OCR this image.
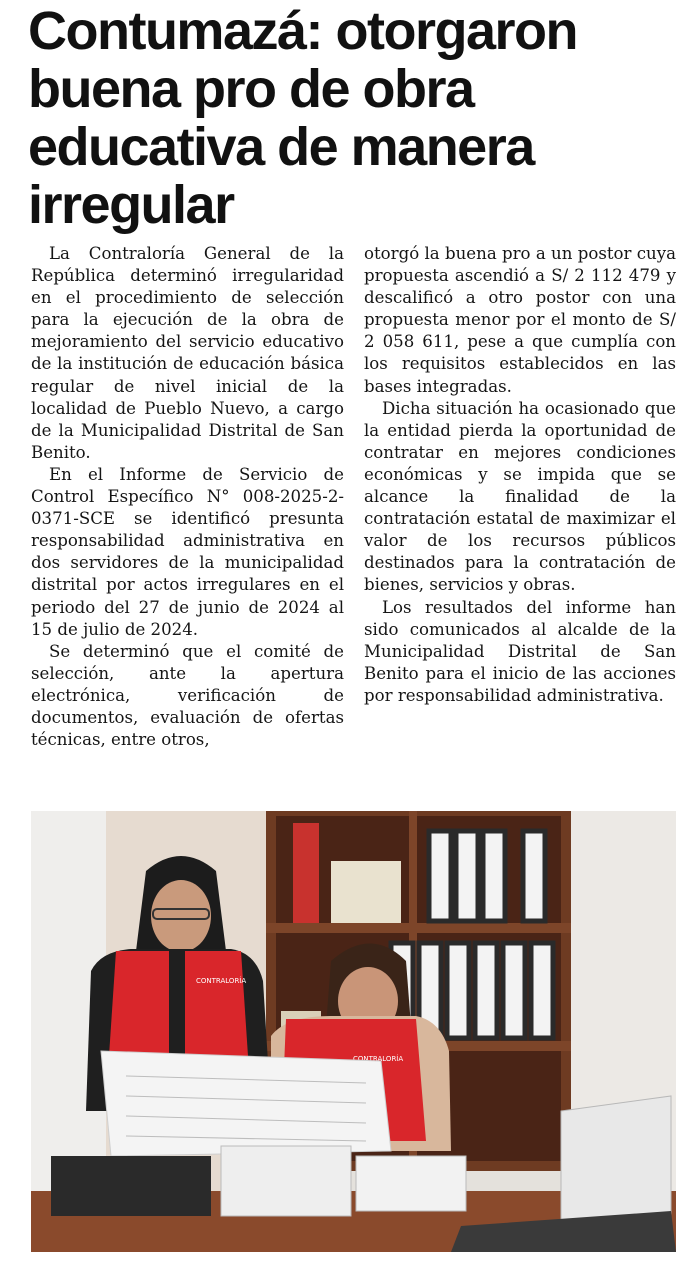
Contumazá: otorgaron buena pro de obra educativa de manera irregular

La Contraloría General de la República determinó irregularidad en el procedimiento de selección para la ejecución de la obra de mejoramiento del servicio educativo de la institución de educación básica regular de nivel inicial de la localidad de Pueblo Nuevo, a cargo de la Municipalidad Distrital de San Benito.

En el Informe de Servicio de Control Específico N° 008-2025-2-0371-SCE se identificó presunta responsabilidad administrativa en dos servidores de la municipalidad distrital por actos irregulares en el periodo del 27 de junio de 2024 al 15 de julio de 2024.

Se determinó que el comité de selección, ante la apertura electrónica, verificación de documentos, evaluación de ofertas técnicas, entre otros,

otorgó la buena pro a un postor cuya propuesta ascendió a S/ 2 112 479 y descalificó a otro postor con una propuesta menor por el monto de S/ 2 058 611, pese a que cumplía con los requisitos establecidos en las bases integradas.

Dicha situación ha ocasionado que la entidad pierda la oportunidad de contratar en mejores condiciones económicas y se impida que se alcance la finalidad de la contratación estatal de maximizar el valor de los recursos públicos destinados para la contratación de bienes, servicios y obras.

Los resultados del informe han sido comunicados al alcalde de la Municipalidad Distrital de San Benito para el inicio de las acciones por responsabilidad administrativa.

CONTRALORÍA
CONTRALORÍA
